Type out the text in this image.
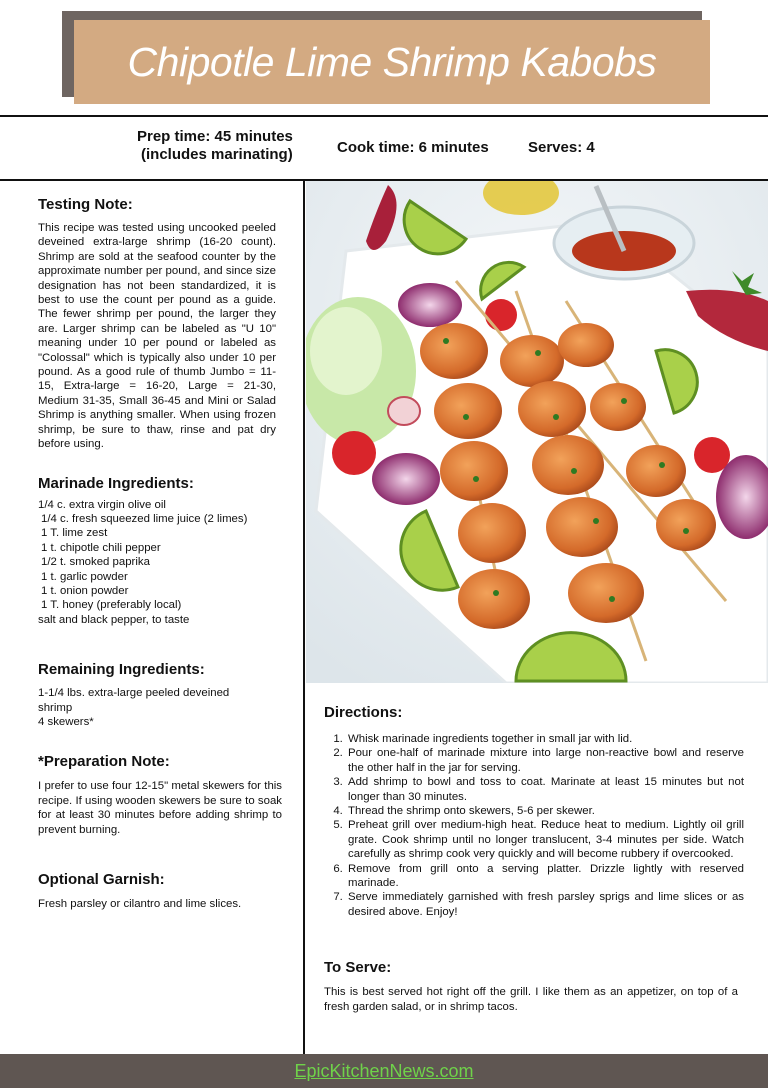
Chipotle Lime Shrimp Kabobs
Prep time: 45 minutes
(includes marinating)	Cook time: 6 minutes	Serves: 4
Testing Note:

This recipe was tested using uncooked peeled deveined extra-large shrimp (16-20 count). Shrimp are sold at the seafood counter by the approximate number per pound, and since size designation has not been standardized, it is best to use the count per pound as a guide. The fewer shrimp per pound, the larger they are. Larger shrimp can be labeled as "U 10" meaning under 10 per pound or labeled as "Colossal" which is typically also under 10 per pound. As a good rule of thumb Jumbo = 11-15, Extra-large = 16-20, Large = 21-30, Medium 31-35, Small 36-45 and Mini or Salad Shrimp is anything smaller. When using frozen shrimp, be sure to thaw, rinse and pat dry before using.

Marinade Ingredients:
1/4 c. extra virgin olive oil
1/4 c. fresh squeezed lime juice (2 limes)
1 T. lime zest
1 t. chipotle chili pepper
1/2 t. smoked paprika
1 t. garlic powder
1 t. onion powder
1 T. honey (preferably local)
salt and black pepper, to taste
Remaining Ingredients:
1-1/4 lbs. extra-large peeled deveined shrimp
4 skewers*
*Preparation Note:

I prefer to use four 12-15" metal skewers for this recipe. If using wooden skewers be sure to soak for at least 30 minutes before adding shrimp to prevent burning.

Optional Garnish:

Fresh parsley or cilantro and lime slices.

Directions:
1. Whisk marinade ingredients together in small jar with lid.
2. Pour one-half of marinade mixture into large non-reactive bowl and reserve the other half in the jar for serving.
3. Add shrimp to bowl and toss to coat. Marinate at least 15 minutes but not longer than 30 minutes.
4. Thread the shrimp onto skewers, 5-6 per skewer.
5. Preheat grill over medium-high heat. Reduce heat to medium. Lightly oil grill grate. Cook shrimp until no longer translucent, 3-4 minutes per side. Watch carefully as shrimp cook very quickly and will become rubbery if overcooked.
6. Remove from grill onto a serving platter. Drizzle lightly with reserved marinade.
7. Serve immediately garnished with fresh parsley sprigs and lime slices or as desired above. Enjoy!
To Serve:

This is best served hot right off the grill. I like them as an appetizer, on top of a fresh garden salad, or in shrimp tacos.

EpicKitchenNews.com
